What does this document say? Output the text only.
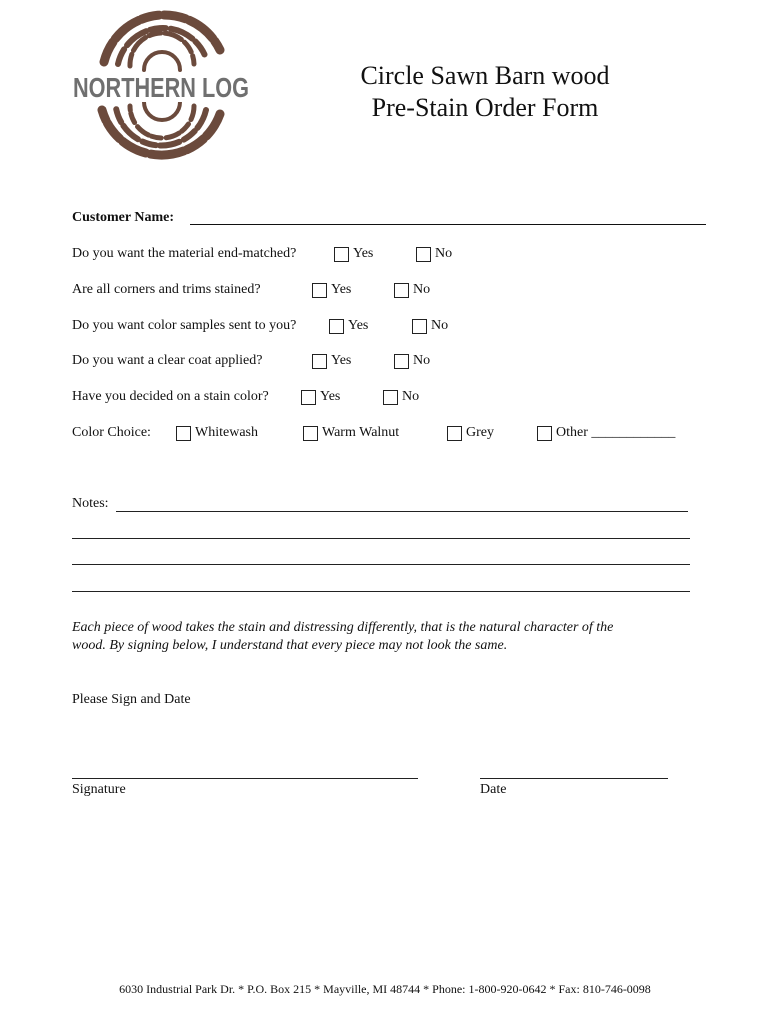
NORTHERN LOG	Circle Sawn Barn wood
Pre-Stain Order Form
Customer Name:
Do you want the material end-matched?	Yes	No
Are all corners and trims stained?	Yes	No
Do you want color samples sent to you?	Yes	No
Do you want a clear coat applied?	Yes	No
Have you decided on a stain color?	Yes	No
Color Choice:	Whitewash	Warm Walnut	Grey	Other ____________
Notes:
Each piece of wood takes the stain and distressing differently, that is the natural character of the
wood. By signing below, I understand that every piece may not look the same.
Please Sign and Date
Signature	Date
6030 Industrial Park Dr. * P.O. Box 215 * Mayville, MI 48744 * Phone: 1-800-920-0642 * Fax: 810-746-0098
